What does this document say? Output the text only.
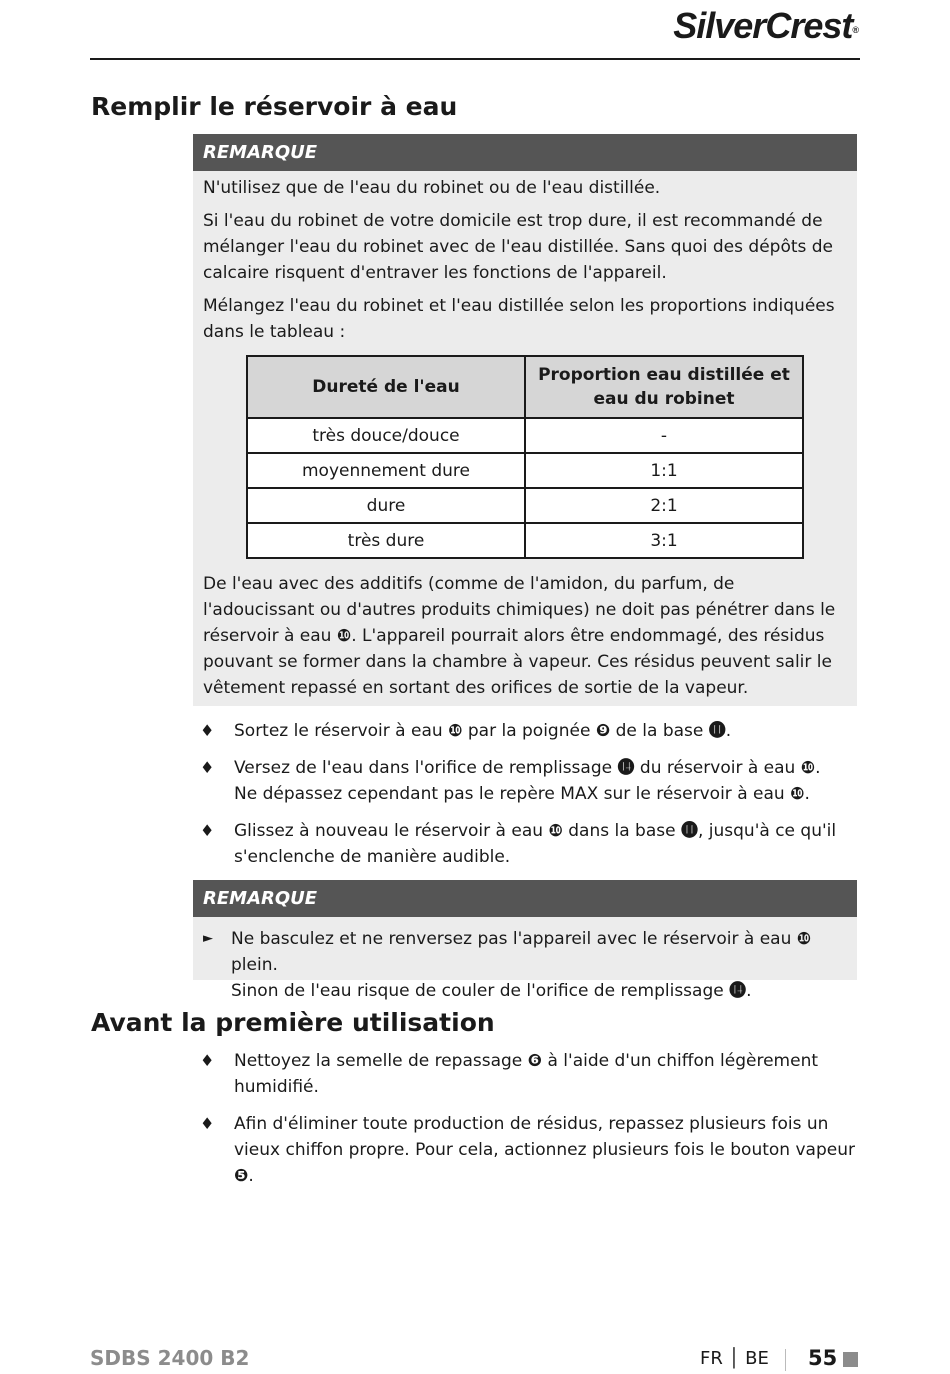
SilverCrest®
Remplir le réservoir à eau
REMARQUE

N'utilisez que de l'eau du robinet ou de l'eau distillée.

Si l'eau du robinet de votre domicile est trop dure, il est recommandé de mélanger l'eau du robinet avec de l'eau distillée. Sans quoi des dépôts de calcaire risquent d'entraver les fonctions de l'appareil.

Mélangez l'eau du robinet et l'eau distillée selon les proportions indiquées dans le tableau :

Dureté de l'eau	Proportion eau distillée et eau du robinet

très douce/douce	-
moyennement dure	1:1
dure	2:1
très dure	3:1

De l'eau avec des additifs (comme de l'amidon, du parfum, de l'adoucissant ou d'autres produits chimiques) ne doit pas pénétrer dans le réservoir à eau ❿. L'appareil pourrait alors être endommagé, des résidus pouvant se former dans la chambre à vapeur. Ces résidus peuvent salir le vêtement repassé en sortant des orifices de sortie de la vapeur.

♦ Sortez le réservoir à eau ❿ par la poignée ❾ de la base ⓫.
♦ Versez de l'eau dans l'orifice de remplissage ⓮ du réservoir à eau ❿.
Ne dépassez cependant pas le repère MAX sur le réservoir à eau ❿.
♦ Glissez à nouveau le réservoir à eau ❿ dans la base ⓫, jusqu'à ce qu'il s'enclenche de manière audible.
REMARQUE

► Ne basculez et ne renversez pas l'appareil avec le réservoir à eau ❿ plein.
Sinon de l'eau risque de couler de l'orifice de remplissage ⓮.

Avant la première utilisation
♦ Nettoyez la semelle de repassage ❻ à l'aide d'un chiffon légèrement humidifié.
♦ Afin d'éliminer toute production de résidus, repassez plusieurs fois un vieux chiffon propre. Pour cela, actionnez plusieurs fois le bouton vapeur ❺.
SDBS 2400 B2	FR │ BE 55
